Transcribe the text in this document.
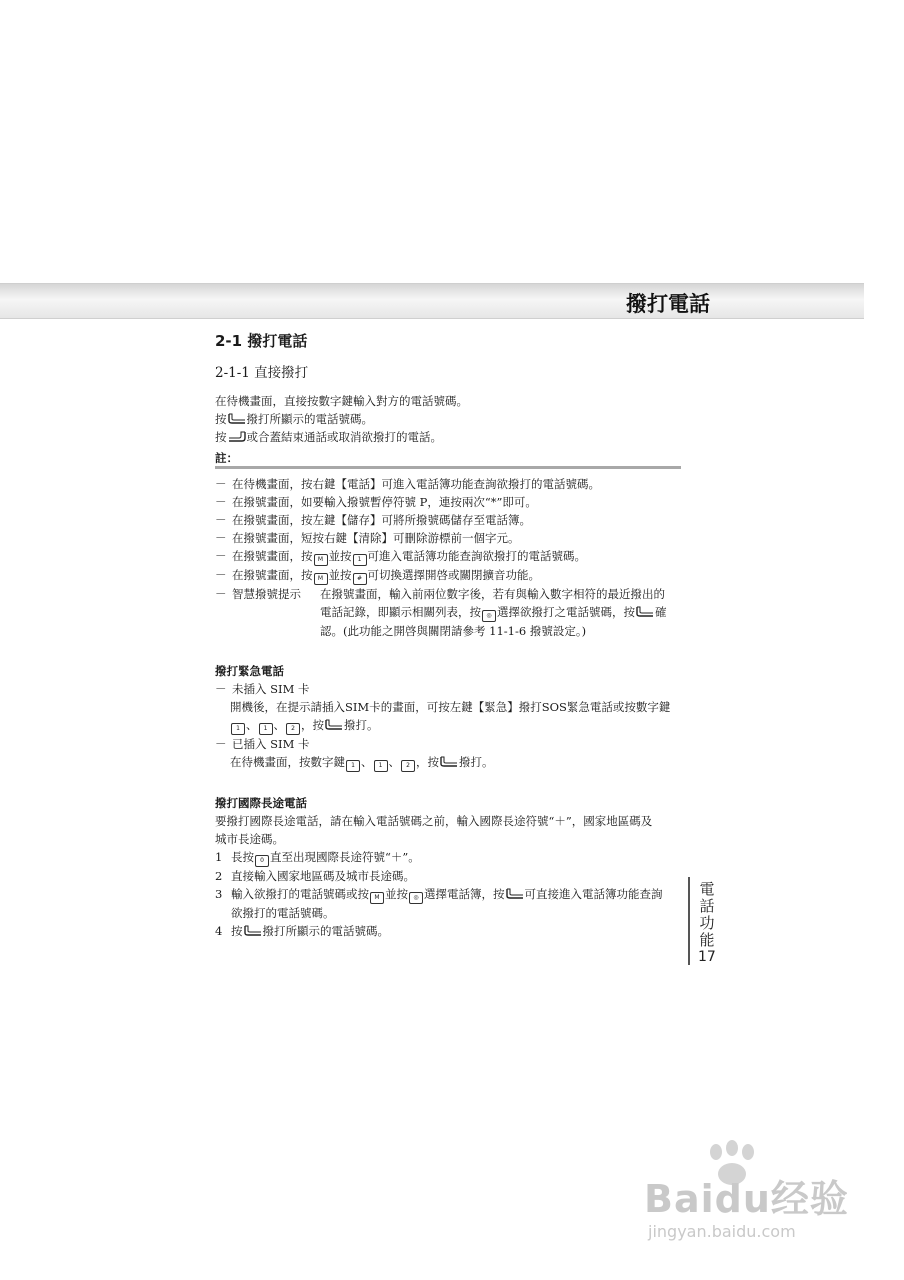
撥打電話
2-1 撥打電話
2-1-1 直接撥打
在待機畫面，直接按數字鍵輸入對方的電話號碼。
按 撥打所顯示的電話號碼。
按 或合蓋結束通話或取消欲撥打的電話。
註：
－ 在待機畫面，按右鍵【電話】可進入電話簿功能查詢欲撥打的電話號碼。
－ 在撥號畫面，如要輸入撥號暫停符號 P，連按兩次“*”即可。
－ 在撥號畫面，按左鍵【儲存】可將所撥號碼儲存至電話簿。
－ 在撥號畫面，短按右鍵【清除】可刪除游標前一個字元。
－ 在撥號畫面，按 M 並按 1 可進入電話簿功能查詢欲撥打的電話號碼。
－ 在撥號畫面，按 M 並按 # 可切換選擇開啓或關閉擴音功能。
－ 智慧撥號提示	在撥號畫面，輸入前兩位數字後，若有與輸入數字相符的最近撥出的
電話記錄，即顯示相關列表，按 ◎ 選擇欲撥打之電話號碼，按 確
認。(此功能之開啓與關閉請參考 11-1-6 撥號設定。)
撥打緊急電話
－ 未插入 SIM 卡
開機後，在提示請插入SIM卡的畫面，可按左鍵【緊急】撥打SOS緊急電話或按數字鍵
1 、 1 、 2 ，按 撥打。
－ 已插入 SIM 卡
在待機畫面，按數字鍵 1 、 1 、 2 ，按 撥打。
撥打國際長途電話
要撥打國際長途電話，請在輸入電話號碼之前，輸入國際長途符號“＋”，國家地區碼及
城市長途碼。
1 長按 0 直至出現國際長途符號“＋”。
2 直接輸入國家地區碼及城市長途碼。
3 輸入欲撥打的電話號碼或按 M 並按 ◎ 選擇電話簿，按 可直接進入電話簿功能查詢
欲撥打的電話號碼。
4 按 撥打所顯示的電話號碼。
電話功能
17
Baidu经验
jingyan.baidu.com
